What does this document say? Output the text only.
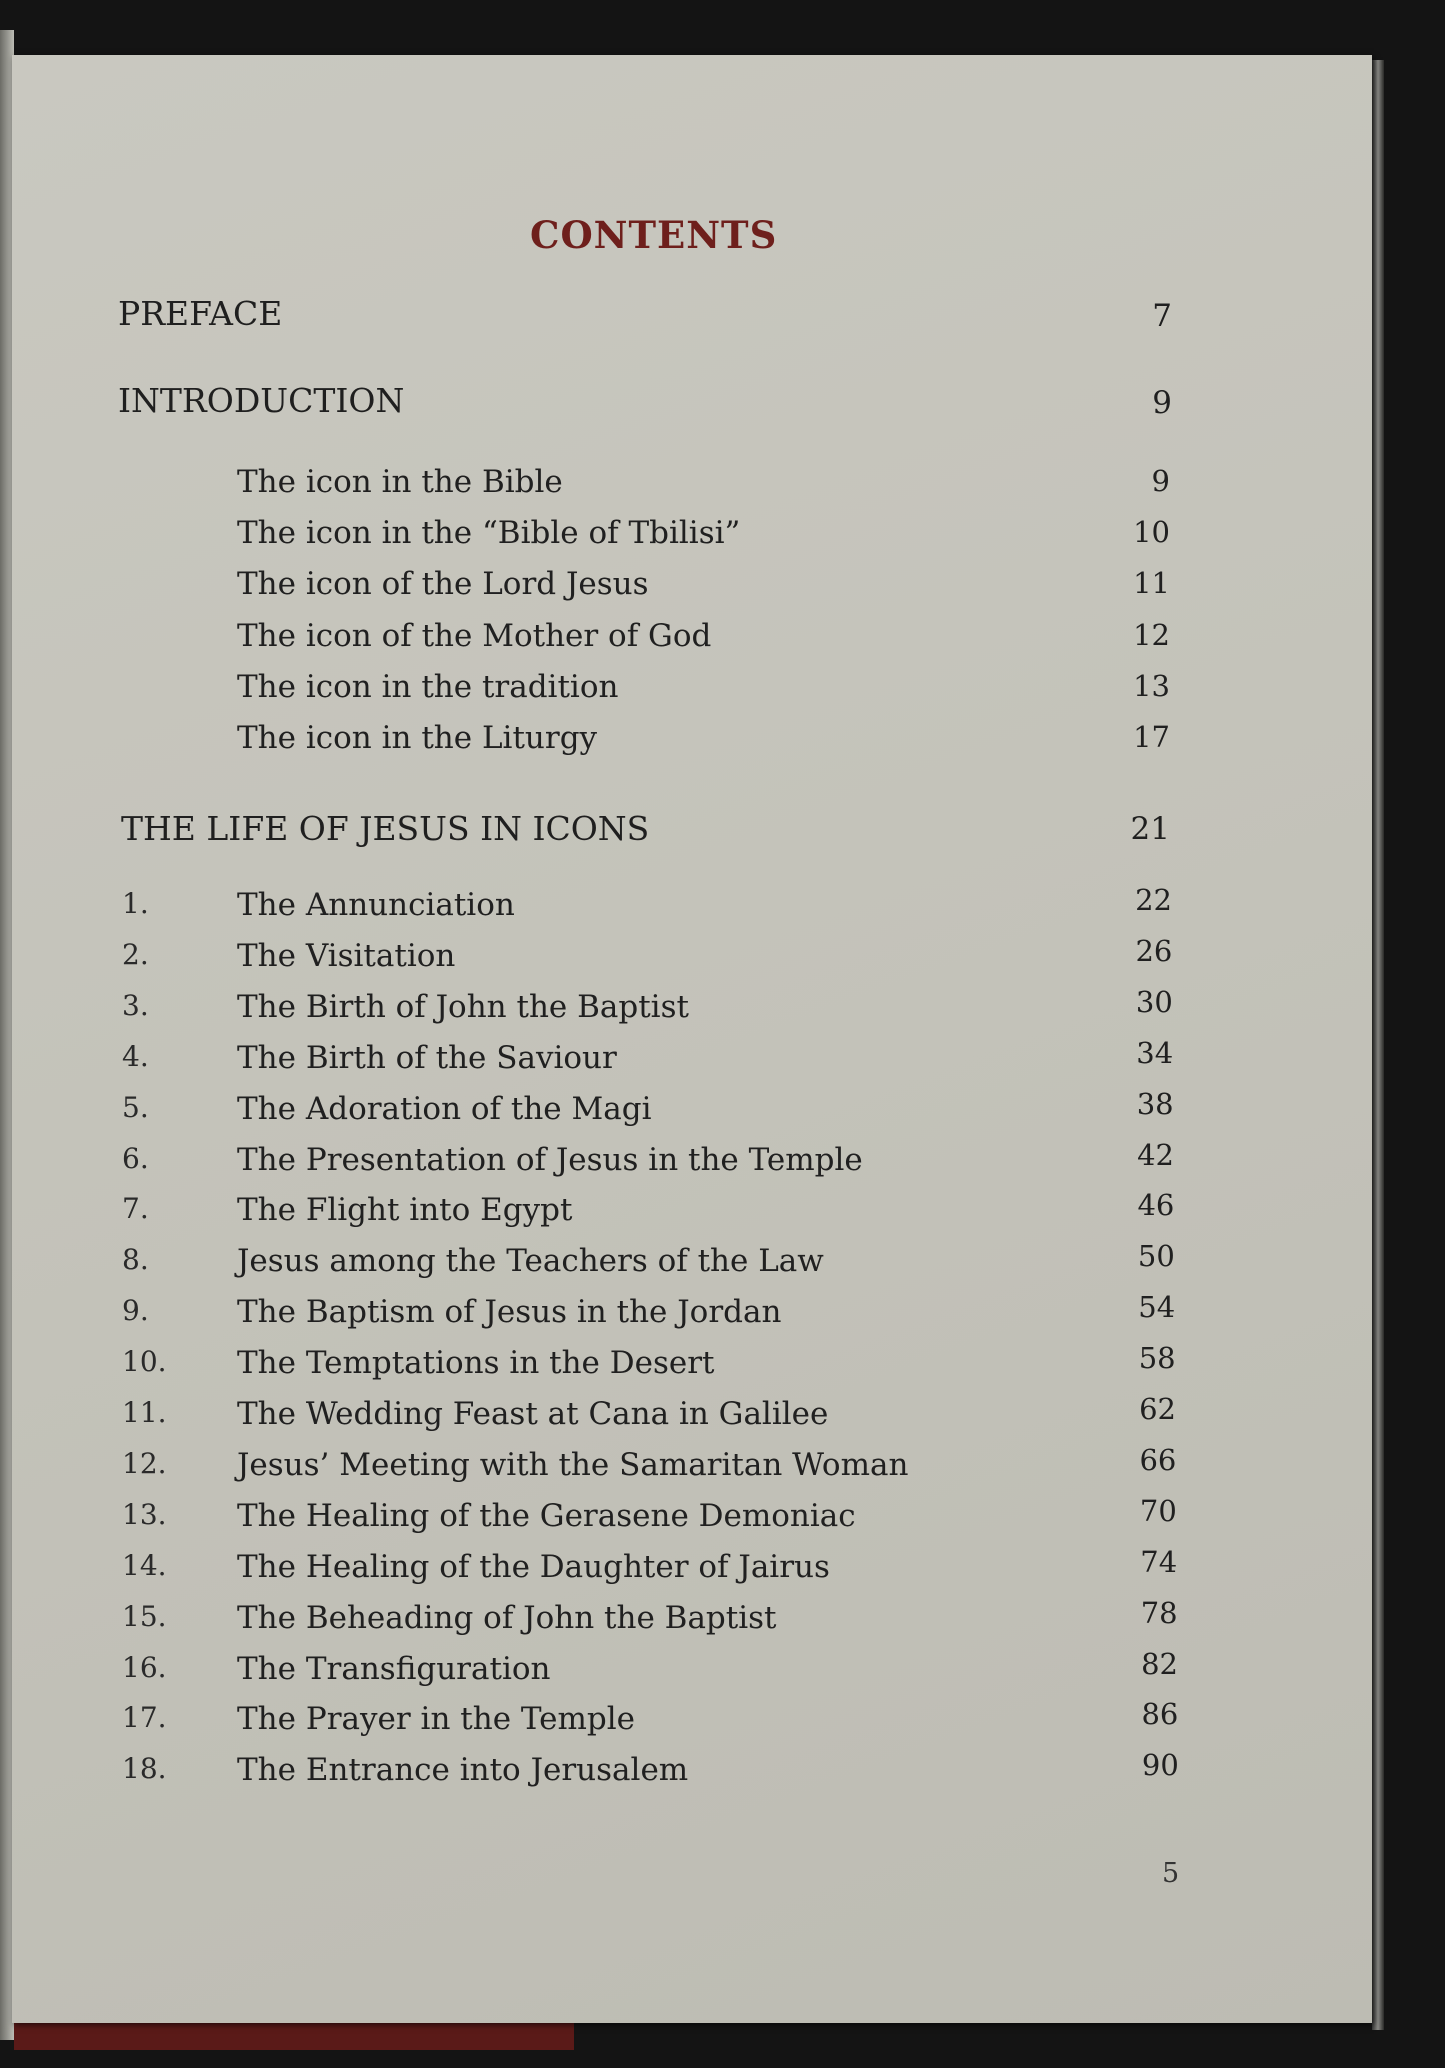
CONTENTS
PREFACE	7
INTRODUCTION	9
The icon in the Bible	9
The icon in the “Bible of Tbilisi”	10
The icon of the Lord Jesus	11
The icon of the Mother of God	12
The icon in the tradition	13
The icon in the Liturgy	17
THE LIFE OF JESUS IN ICONS	21
1.	The Annunciation	22
2.	The Visitation	26
3.	The Birth of John the Baptist	30
4.	The Birth of the Saviour	34
5.	The Adoration of the Magi	38
6.	The Presentation of Jesus in the Temple	42
7.	The Flight into Egypt	46
8.	Jesus among the Teachers of the Law	50
9.	The Baptism of Jesus in the Jordan	54
10. The Temptations in the Desert	58
11. The Wedding Feast at Cana in Galilee	62
12. Jesus’ Meeting with the Samaritan Woman	66
13. The Healing of the Gerasene Demoniac	70
14. The Healing of the Daughter of Jairus	74
15. The Beheading of John the Baptist	78
16. The Transfiguration	82
17. The Prayer in the Temple	86
18. The Entrance into Jerusalem	90
5
